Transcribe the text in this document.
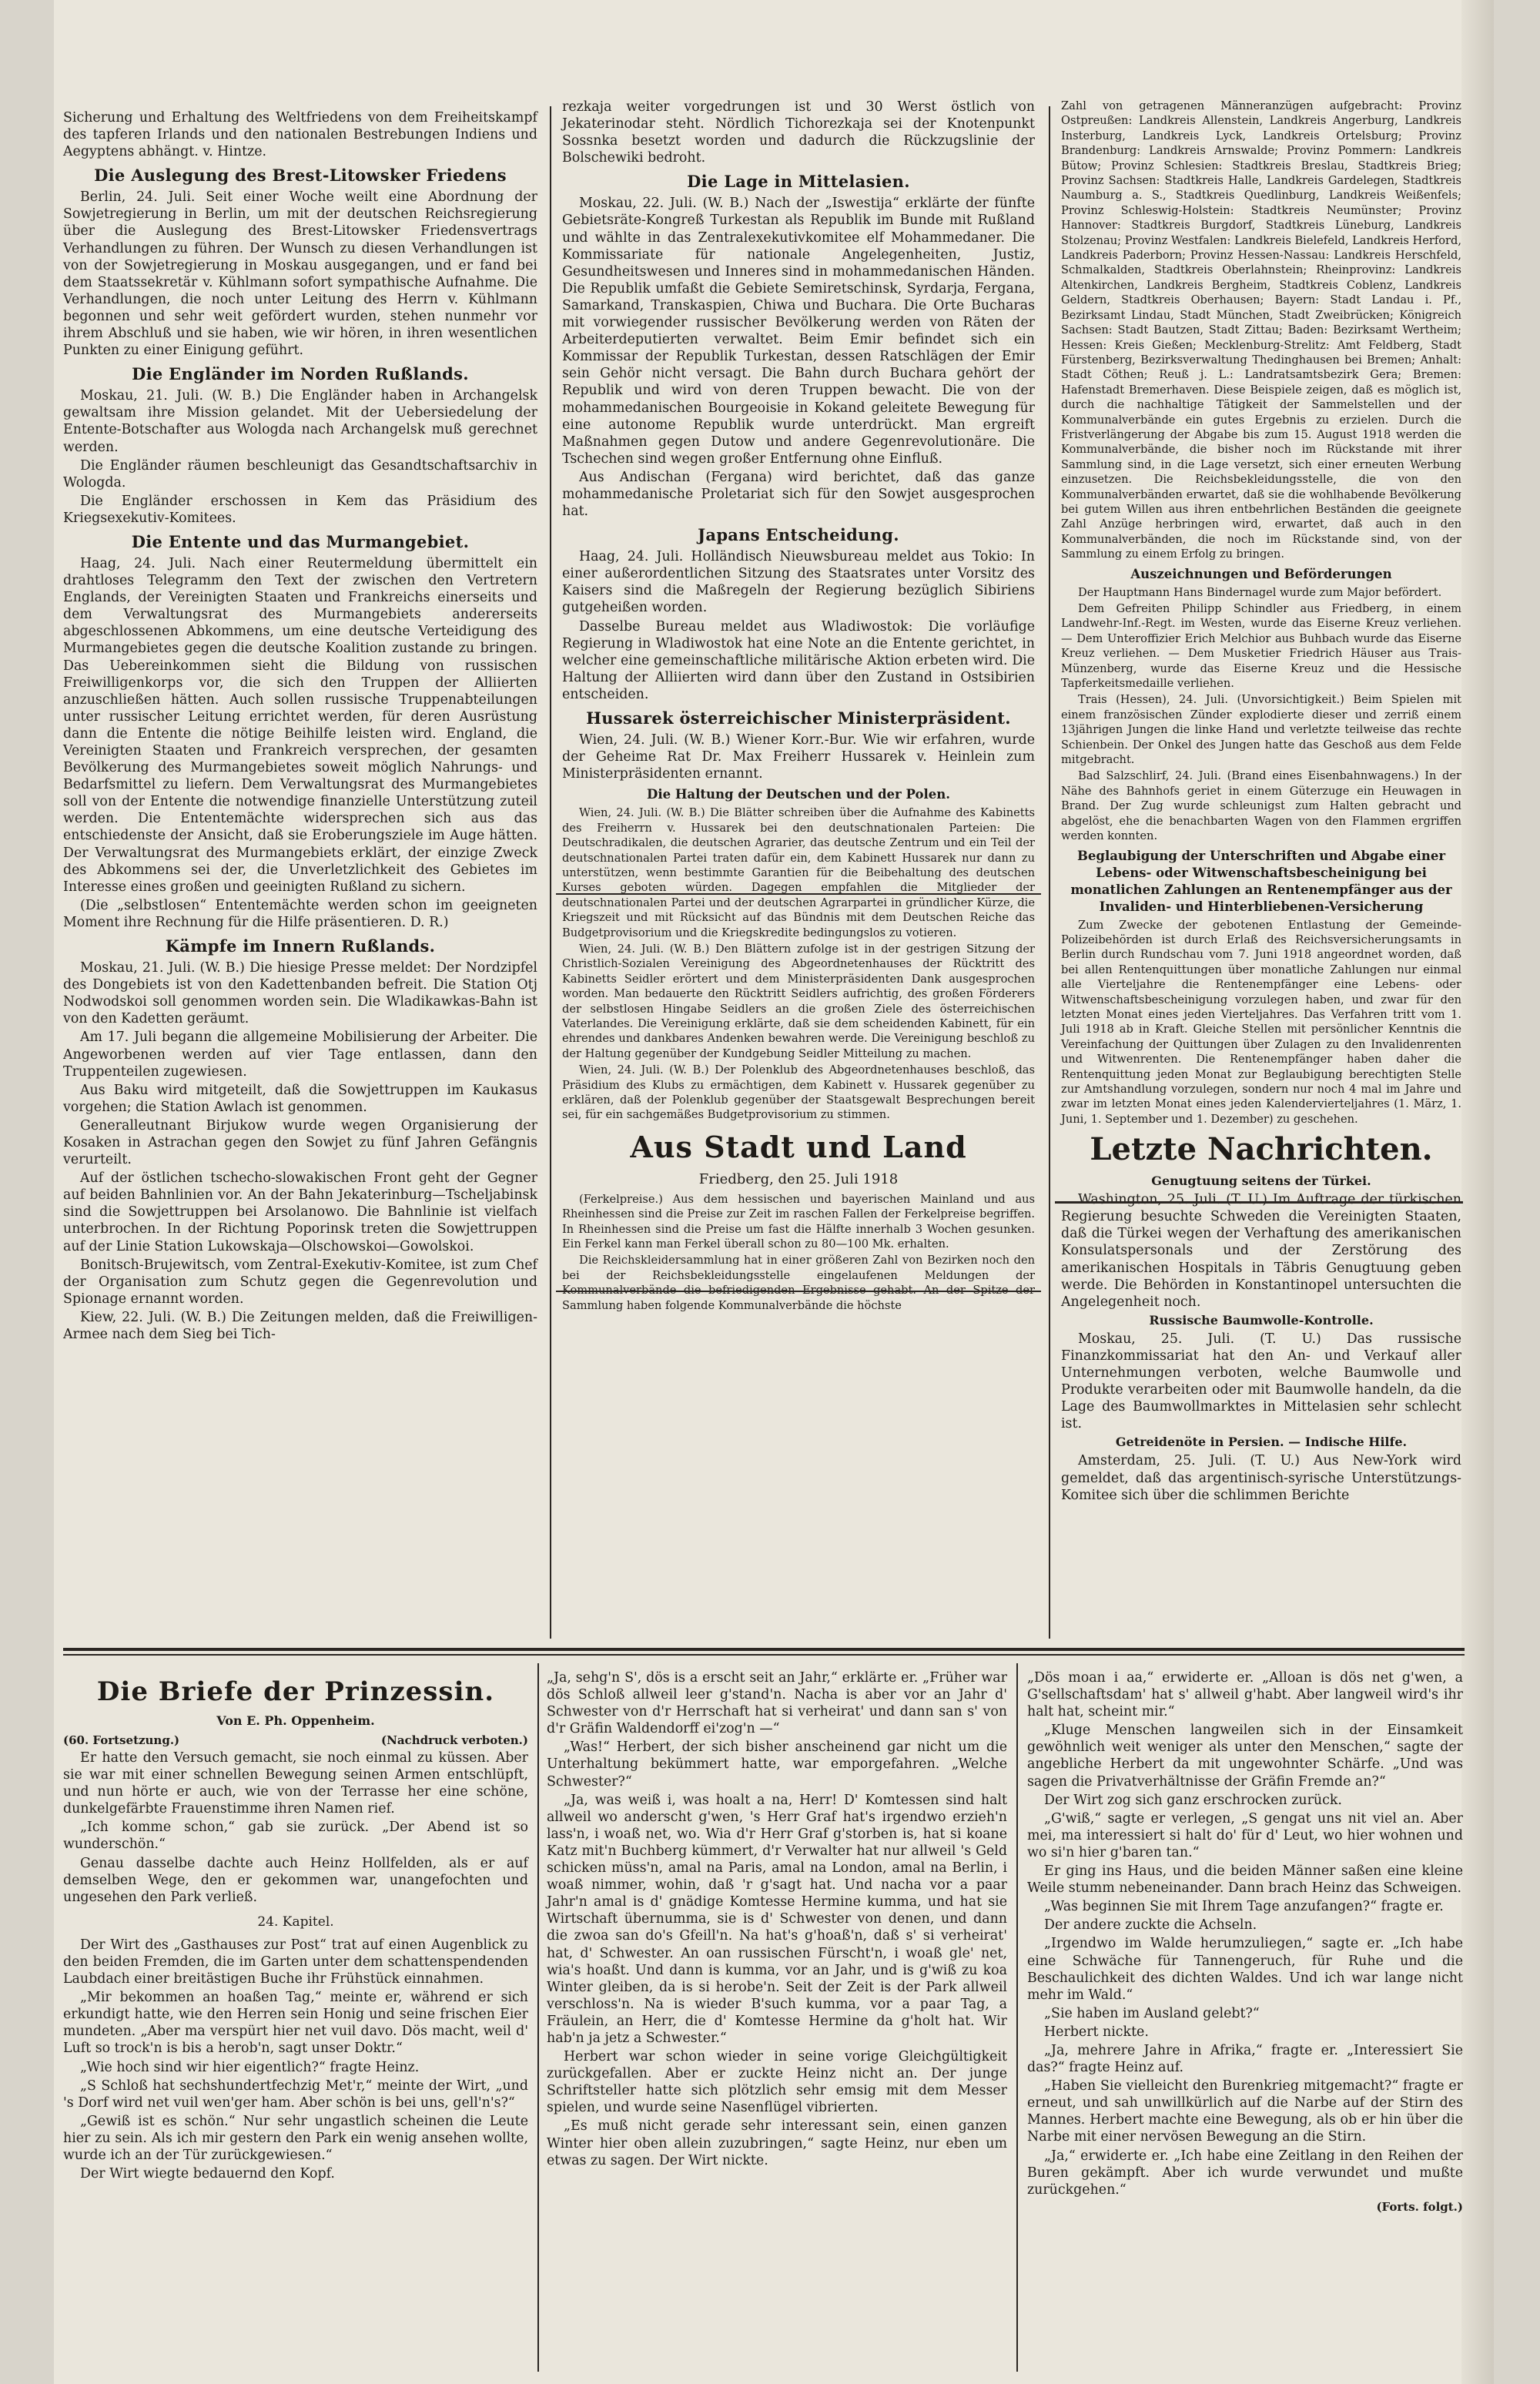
Sicherung und Erhaltung des Weltfriedens von dem Freiheitskampf des tapferen Irlands und den nationalen Bestrebungen Indiens und Aegyptens abhängt. v. Hintze.

Die Auslegung des Brest-Litowsker Friedens

Berlin, 24. Juli. Seit einer Woche weilt eine Abordnung der Sowjetregierung in Berlin, um mit der deutschen Reichsregierung über die Auslegung des Brest-Litowsker Friedensvertrags Verhandlungen zu führen. Der Wunsch zu diesen Verhandlungen ist von der Sowjetregierung in Moskau ausgegangen, und er fand bei dem Staatssekretär v. Kühlmann sofort sympathische Aufnahme. Die Verhandlungen, die noch unter Leitung des Herrn v. Kühlmann begonnen und sehr weit gefördert wurden, stehen nunmehr vor ihrem Abschluß und sie haben, wie wir hören, in ihren wesentlichen Punkten zu einer Einigung geführt.

Die Engländer im Norden Rußlands.

Moskau, 21. Juli. (W. B.) Die Engländer haben in Archangelsk gewaltsam ihre Mission gelandet. Mit der Uebersiedelung der Entente-Botschafter aus Wologda nach Archangelsk muß gerechnet werden.

Die Engländer räumen beschleunigt das Gesandtschaftsarchiv in Wologda.

Die Engländer erschossen in Kem das Präsidium des Kriegsexekutiv-Komitees.

Die Entente und das Murmangebiet.

Haag, 24. Juli. Nach einer Reutermeldung übermittelt ein drahtloses Telegramm den Text der zwischen den Vertretern Englands, der Vereinigten Staaten und Frankreichs einerseits und dem Verwaltungsrat des Murmangebiets andererseits abgeschlossenen Abkommens, um eine deutsche Verteidigung des Murmangebietes gegen die deutsche Koalition zustande zu bringen. Das Uebereinkommen sieht die Bildung von russischen Freiwilligenkorps vor, die sich den Truppen der Alliierten anzuschließen hätten. Auch sollen russische Truppenabteilungen unter russischer Leitung errichtet werden, für deren Ausrüstung dann die Entente die nötige Beihilfe leisten wird. England, die Vereinigten Staaten und Frankreich versprechen, der gesamten Bevölkerung des Murmangebietes soweit möglich Nahrungs- und Bedarfsmittel zu liefern. Dem Verwaltungsrat des Murmangebietes soll von der Entente die notwendige finanzielle Unterstützung zuteil werden. Die Ententemächte widersprechen sich aus das entschiedenste der Ansicht, daß sie Eroberungsziele im Auge hätten. Der Verwaltungsrat des Murmangebiets erklärt, der einzige Zweck des Abkommens sei der, die Unverletzlichkeit des Gebietes im Interesse eines großen und geeinigten Rußland zu sichern.

(Die „selbstlosen“ Ententemächte werden schon im geeigneten Moment ihre Rechnung für die Hilfe präsentieren. D. R.)

Kämpfe im Innern Rußlands.

Moskau, 21. Juli. (W. B.) Die hiesige Presse meldet: Der Nordzipfel des Dongebiets ist von den Kadettenbanden befreit. Die Station Otj Nodwodskoi soll genommen worden sein. Die Wladikawkas-Bahn ist von den Kadetten geräumt.

Am 17. Juli begann die allgemeine Mobilisierung der Arbeiter. Die Angeworbenen werden auf vier Tage entlassen, dann den Truppenteilen zugewiesen.

Aus Baku wird mitgeteilt, daß die Sowjettruppen im Kaukasus vorgehen; die Station Awlach ist genommen.

Generalleutnant Birjukow wurde wegen Organisierung der Kosaken in Astrachan gegen den Sowjet zu fünf Jahren Gefängnis verurteilt.

Auf der östlichen tschecho-slowakischen Front geht der Gegner auf beiden Bahnlinien vor. An der Bahn Jekaterinburg—Tscheljabinsk sind die Sowjettruppen bei Arsolanowo. Die Bahnlinie ist vielfach unterbrochen. In der Richtung Poporinsk treten die Sowjettruppen auf der Linie Station Lukowskaja—Olschowskoi—Gowolskoi.

Bonitsch-Brujewitsch, vom Zentral-Exekutiv-Komitee, ist zum Chef der Organisation zum Schutz gegen die Gegenrevolution und Spionage ernannt worden.

Kiew, 22. Juli. (W. B.) Die Zeitungen melden, daß die Freiwilligen-Armee nach dem Sieg bei Tich-

rezkaja weiter vorgedrungen ist und 30 Werst östlich von Jekaterinodar steht. Nördlich Tichorezkaja sei der Knotenpunkt Sossnka besetzt worden und dadurch die Rückzugslinie der Bolschewiki bedroht.

Die Lage in Mittelasien.

Moskau, 22. Juli. (W. B.) Nach der „Iswestija“ erklärte der fünfte Gebietsräte-Kongreß Turkestan als Republik im Bunde mit Rußland und wählte in das Zentralexekutivkomitee elf Mohammedaner. Die Kommissariate für nationale Angelegenheiten, Justiz, Gesundheitswesen und Inneres sind in mohammedanischen Händen. Die Republik umfaßt die Gebiete Semiretschinsk, Syrdarja, Fergana, Samarkand, Transkaspien, Chiwa und Buchara. Die Orte Bucharas mit vorwiegender russischer Bevölkerung werden von Räten der Arbeiterdeputierten verwaltet. Beim Emir befindet sich ein Kommissar der Republik Turkestan, dessen Ratschlägen der Emir sein Gehör nicht versagt. Die Bahn durch Buchara gehört der Republik und wird von deren Truppen bewacht. Die von der mohammedanischen Bourgeoisie in Kokand geleitete Bewegung für eine autonome Republik wurde unterdrückt. Man ergreift Maßnahmen gegen Dutow und andere Gegenrevolutionäre. Die Tschechen sind wegen großer Entfernung ohne Einfluß.

Aus Andischan (Fergana) wird berichtet, daß das ganze mohammedanische Proletariat sich für den Sowjet ausgesprochen hat.

Japans Entscheidung.

Haag, 24. Juli. Holländisch Nieuwsbureau meldet aus Tokio: In einer außerordentlichen Sitzung des Staatsrates unter Vorsitz des Kaisers sind die Maßregeln der Regierung bezüglich Sibiriens gutgeheißen worden.

Dasselbe Bureau meldet aus Wladiwostok: Die vorläufige Regierung in Wladiwostok hat eine Note an die Entente gerichtet, in welcher eine gemeinschaftliche militärische Aktion erbeten wird. Die Haltung der Alliierten wird dann über den Zustand in Ostsibirien entscheiden.

Hussarek österreichischer Ministerpräsident.

Wien, 24. Juli. (W. B.) Wiener Korr.-Bur. Wie wir erfahren, wurde der Geheime Rat Dr. Max Freiherr Hussarek v. Heinlein zum Ministerpräsidenten ernannt.

Die Haltung der Deutschen und der Polen.

Wien, 24. Juli. (W. B.) Die Blätter schreiben über die Aufnahme des Kabinetts des Freiherrn v. Hussarek bei den deutschnationalen Parteien: Die Deutschradikalen, die deutschen Agrarier, das deutsche Zentrum und ein Teil der deutschnationalen Partei traten dafür ein, dem Kabinett Hussarek nur dann zu unterstützen, wenn bestimmte Garantien für die Beibehaltung des deutschen Kurses geboten würden. Dagegen empfahlen die Mitglieder der deutschnationalen Partei und der deutschen Agrarpartei in gründlicher Kürze, die Kriegszeit und mit Rücksicht auf das Bündnis mit dem Deutschen Reiche das Budgetprovisorium und die Kriegskredite bedingungslos zu votieren.

Wien, 24. Juli. (W. B.) Den Blättern zufolge ist in der gestrigen Sitzung der Christlich-Sozialen Vereinigung des Abgeordnetenhauses der Rücktritt des Kabinetts Seidler erörtert und dem Ministerpräsidenten Dank ausgesprochen worden. Man bedauerte den Rücktritt Seidlers aufrichtig, des großen Förderers der selbstlosen Hingabe Seidlers an die großen Ziele des österreichischen Vaterlandes. Die Vereinigung erklärte, daß sie dem scheidenden Kabinett, für ein ehrendes und dankbares Andenken bewahren werde. Die Vereinigung beschloß zu der Haltung gegenüber der Kundgebung Seidler Mitteilung zu machen.

Wien, 24. Juli. (W. B.) Der Polenklub des Abgeordnetenhauses beschloß, das Präsidium des Klubs zu ermächtigen, dem Kabinett v. Hussarek gegenüber zu erklären, daß der Polenklub gegenüber der Staatsgewalt Besprechungen bereit sei, für ein sachgemäßes Budgetprovisorium zu stimmen.

Aus Stadt und Land
Friedberg, den 25. Juli 1918

(Ferkelpreise.) Aus dem hessischen und bayerischen Mainland und aus Rheinhessen sind die Preise zur Zeit im raschen Fallen der Ferkelpreise begriffen. In Rheinhessen sind die Preise um fast die Hälfte innerhalb 3 Wochen gesunken. Ein Ferkel kann man Ferkel überall schon zu 80—100 Mk. erhalten.

Die Reichskleidersammlung hat in einer größeren Zahl von Bezirken noch den bei der Reichsbekleidungsstelle eingelaufenen Meldungen der Kommunalverbände die befriedigenden Ergebnisse gehabt. An der Spitze der Sammlung haben folgende Kommunalverbände die höchste

Zahl von getragenen Männeranzügen aufgebracht: Provinz Ostpreußen: Landkreis Allenstein, Landkreis Angerburg, Landkreis Insterburg, Landkreis Lyck, Landkreis Ortelsburg; Provinz Brandenburg: Landkreis Arnswalde; Provinz Pommern: Landkreis Bütow; Provinz Schlesien: Stadtkreis Breslau, Stadtkreis Brieg; Provinz Sachsen: Stadtkreis Halle, Landkreis Gardelegen, Stadtkreis Naumburg a. S., Stadtkreis Quedlinburg, Landkreis Weißenfels; Provinz Schleswig-Holstein: Stadtkreis Neumünster; Provinz Hannover: Stadtkreis Burgdorf, Stadtkreis Lüneburg, Landkreis Stolzenau; Provinz Westfalen: Landkreis Bielefeld, Landkreis Herford, Landkreis Paderborn; Provinz Hessen-Nassau: Landkreis Herschfeld, Schmalkalden, Stadtkreis Oberlahnstein; Rheinprovinz: Landkreis Altenkirchen, Landkreis Bergheim, Stadtkreis Coblenz, Landkreis Geldern, Stadtkreis Oberhausen; Bayern: Stadt Landau i. Pf., Bezirksamt Lindau, Stadt München, Stadt Zweibrücken; Königreich Sachsen: Stadt Bautzen, Stadt Zittau; Baden: Bezirksamt Wertheim; Hessen: Kreis Gießen; Mecklenburg-Strelitz: Amt Feldberg, Stadt Fürstenberg, Bezirksverwaltung Thedinghausen bei Bremen; Anhalt: Stadt Cöthen; Reuß j. L.: Landratsamtsbezirk Gera; Bremen: Hafenstadt Bremerhaven. Diese Beispiele zeigen, daß es möglich ist, durch die nachhaltige Tätigkeit der Sammelstellen und der Kommunalverbände ein gutes Ergebnis zu erzielen. Durch die Fristverlängerung der Abgabe bis zum 15. August 1918 werden die Kommunalverbände, die bisher noch im Rückstande mit ihrer Sammlung sind, in die Lage versetzt, sich einer erneuten Werbung einzusetzen. Die Reichsbekleidungsstelle, die von den Kommunalverbänden erwartet, daß sie die wohlhabende Bevölkerung bei gutem Willen aus ihren entbehrlichen Beständen die geeignete Zahl Anzüge herbringen wird, erwartet, daß auch in den Kommunalverbänden, die noch im Rückstande sind, von der Sammlung zu einem Erfolg zu bringen.

Auszeichnungen und Beförderungen

Der Hauptmann Hans Bindernagel wurde zum Major befördert.

Dem Gefreiten Philipp Schindler aus Friedberg, in einem Landwehr-Inf.-Regt. im Westen, wurde das Eiserne Kreuz verliehen. — Dem Unteroffizier Erich Melchior aus Buhbach wurde das Eiserne Kreuz verliehen. — Dem Musketier Friedrich Häuser aus Trais-Münzenberg, wurde das Eiserne Kreuz und die Hessische Tapferkeitsmedaille verliehen.

Trais (Hessen), 24. Juli. (Unvorsichtigkeit.) Beim Spielen mit einem französischen Zünder explodierte dieser und zerriß einem 13jährigen Jungen die linke Hand und verletzte teilweise das rechte Schienbein. Der Onkel des Jungen hatte das Geschoß aus dem Felde mitgebracht.

Bad Salzschlirf, 24. Juli. (Brand eines Eisenbahnwagens.) In der Nähe des Bahnhofs geriet in einem Güterzuge ein Heuwagen in Brand. Der Zug wurde schleunigst zum Halten gebracht und abgelöst, ehe die benachbarten Wagen von den Flammen ergriffen werden konnten.

Beglaubigung der Unterschriften und Abgabe einer Lebens- oder Witwenschaftsbescheinigung bei monatlichen Zahlungen an Rentenempfänger aus der Invaliden- und Hinterbliebenen-Versicherung

Zum Zwecke der gebotenen Entlastung der Gemeinde-Polizeibehörden ist durch Erlaß des Reichsversicherungsamts in Berlin durch Rundschau vom 7. Juni 1918 angeordnet worden, daß bei allen Rentenquittungen über monatliche Zahlungen nur einmal alle Vierteljahre die Rentenempfänger eine Lebens- oder Witwenschaftsbescheinigung vorzulegen haben, und zwar für den letzten Monat eines jeden Vierteljahres. Das Verfahren tritt vom 1. Juli 1918 ab in Kraft. Gleiche Stellen mit persönlicher Kenntnis die Vereinfachung der Quittungen über Zulagen zu den Invalidenrenten und Witwenrenten. Die Rentenempfänger haben daher die Rentenquittung jeden Monat zur Beglaubigung berechtigten Stelle zur Amtshandlung vorzulegen, sondern nur noch 4 mal im Jahre und zwar im letzten Monat eines jeden Kalendervierteljahres (1. März, 1. Juni, 1. September und 1. Dezember) zu geschehen.

Letzte Nachrichten.
Genugtuung seitens der Türkei.

Washington, 25. Juli. (T. U.) Im Auftrage der türkischen Regierung besuchte Schweden die Vereinigten Staaten, daß die Türkei wegen der Verhaftung des amerikanischen Konsulatspersonals und der Zerstörung des amerikanischen Hospitals in Täbris Genugtuung geben werde. Die Behörden in Konstantinopel untersuchten die Angelegenheit noch.

Russische Baumwolle-Kontrolle.

Moskau, 25. Juli. (T. U.) Das russische Finanzkommissariat hat den An- und Verkauf aller Unternehmungen verboten, welche Baumwolle und Produkte verarbeiten oder mit Baumwolle handeln, da die Lage des Baumwollmarktes in Mittelasien sehr schlecht ist.

Getreidenöte in Persien. — Indische Hilfe.

Amsterdam, 25. Juli. (T. U.) Aus New-York wird gemeldet, daß das argentinisch-syrische Unterstützungs-Komitee sich über die schlimmen Berichte

Die Briefe der Prinzessin.
Von E. Ph. Oppenheim.
(60. Fortsetzung.)	(Nachdruck verboten.)

Er hatte den Versuch gemacht, sie noch einmal zu küssen. Aber sie war mit einer schnellen Bewegung seinen Armen entschlüpft, und nun hörte er auch, wie von der Terrasse her eine schöne, dunkelgefärbte Frauenstimme ihren Namen rief.

„Ich komme schon,“ gab sie zurück. „Der Abend ist so wunderschön.“

Genau dasselbe dachte auch Heinz Hollfelden, als er auf demselben Wege, den er gekommen war, unangefochten und ungesehen den Park verließ.

24. Kapitel.

Der Wirt des „Gasthauses zur Post“ trat auf einen Augenblick zu den beiden Fremden, die im Garten unter dem schattenspendenden Laubdach einer breitästigen Buche ihr Frühstück einnahmen.

„Mir bekommen an hoaßen Tag,“ meinte er, während er sich erkundigt hatte, wie den Herren sein Honig und seine frischen Eier mundeten. „Aber ma verspürt hier net vuil davo. Dös macht, weil d' Luft so trock'n is bis a herob'n, sagt unser Doktr.“

„Wie hoch sind wir hier eigentlich?“ fragte Heinz.

„S Schloß hat sechshundertfechzig Met'r,“ meinte der Wirt, „und 's Dorf wird net vuil wen'ger ham. Aber schön is bei uns, gell'n's?“

„Gewiß ist es schön.“ Nur sehr ungastlich scheinen die Leute hier zu sein. Als ich mir gestern den Park ein wenig ansehen wollte, wurde ich an der Tür zurückgewiesen.“

Der Wirt wiegte bedauernd den Kopf.

„Ja, sehg'n S', dös is a erscht seit an Jahr,“ erklärte er. „Früher war dös Schloß allweil leer g'stand'n. Nacha is aber vor an Jahr d' Schwester von d'r Herrschaft hat si verheirat' und dann san s' von d'r Gräfin Waldendorff ei'zog'n —“

„Was!“ Herbert, der sich bisher anscheinend gar nicht um die Unterhaltung bekümmert hatte, war emporgefahren. „Welche Schwester?“

„Ja, was weiß i, was hoalt a na, Herr! D' Komtessen sind halt allweil wo anderscht g'wen, 's Herr Graf hat's irgendwo erzieh'n lass'n, i woaß net, wo. Wia d'r Herr Graf g'storben is, hat si koane Katz mit'n Buchberg kümmert, d'r Verwalter hat nur allweil 's Geld schicken müss'n, amal na Paris, amal na London, amal na Berlin, i woaß nimmer, wohin, daß 'r g'sagt hat. Und nacha vor a paar Jahr'n amal is d' gnädige Komtesse Hermine kumma, und hat sie Wirtschaft übernumma, sie is d' Schwester von denen, und dann die zwoa san do's Gfeill'n. Na hat's g'hoaß'n, daß s' si verheirat' hat, d' Schwester. An oan russischen Fürscht'n, i woaß gle' net, wia's hoaßt. Und dann is kumma, vor an Jahr, und is g'wiß zu koa Winter gleiben, da is si herobe'n. Seit der Zeit is der Park allweil verschloss'n. Na is wieder B'such kumma, vor a paar Tag, a Fräulein, an Herr, die d' Komtesse Hermine da g'holt hat. Wir hab'n ja jetz a Schwester.“

Herbert war schon wieder in seine vorige Gleichgültigkeit zurückgefallen. Aber er zuckte Heinz nicht an. Der junge Schriftsteller hatte sich plötzlich sehr emsig mit dem Messer spielen, und wurde seine Nasenflügel vibrierten.

„Es muß nicht gerade sehr interessant sein, einen ganzen Winter hier oben allein zuzubringen,“ sagte Heinz, nur eben um etwas zu sagen. Der Wirt nickte.

„Dös moan i aa,“ erwiderte er. „Alloan is dös net g'wen, a G'sellschaftsdam' hat s' allweil g'habt. Aber langweil wird's ihr halt hat, scheint mir.“

„Kluge Menschen langweilen sich in der Einsamkeit gewöhnlich weit weniger als unter den Menschen,“ sagte der angebliche Herbert da mit ungewohnter Schärfe. „Und was sagen die Privatverhältnisse der Gräfin Fremde an?“

Der Wirt zog sich ganz erschrocken zurück.

„G'wiß,“ sagte er verlegen, „S gengat uns nit viel an. Aber mei, ma interessiert si halt do' für d' Leut, wo hier wohnen und wo si'n hier g'baren tan.“

Er ging ins Haus, und die beiden Männer saßen eine kleine Weile stumm nebeneinander. Dann brach Heinz das Schweigen.

„Was beginnen Sie mit Ihrem Tage anzufangen?“ fragte er.

Der andere zuckte die Achseln.

„Irgendwo im Walde herumzuliegen,“ sagte er. „Ich habe eine Schwäche für Tannengeruch, für Ruhe und die Beschaulichkeit des dichten Waldes. Und ich war lange nicht mehr im Wald.“

„Sie haben im Ausland gelebt?“

Herbert nickte.

„Ja, mehrere Jahre in Afrika,“ fragte er. „Interessiert Sie das?“ fragte Heinz auf.

„Haben Sie vielleicht den Burenkrieg mitgemacht?“ fragte er erneut, und sah unwillkürlich auf die Narbe auf der Stirn des Mannes. Herbert machte eine Bewegung, als ob er hin über die Narbe mit einer nervösen Bewegung an die Stirn.

„Ja,“ erwiderte er. „Ich habe eine Zeitlang in den Reihen der Buren gekämpft. Aber ich wurde verwundet und mußte zurückgehen.“

(Forts. folgt.)
